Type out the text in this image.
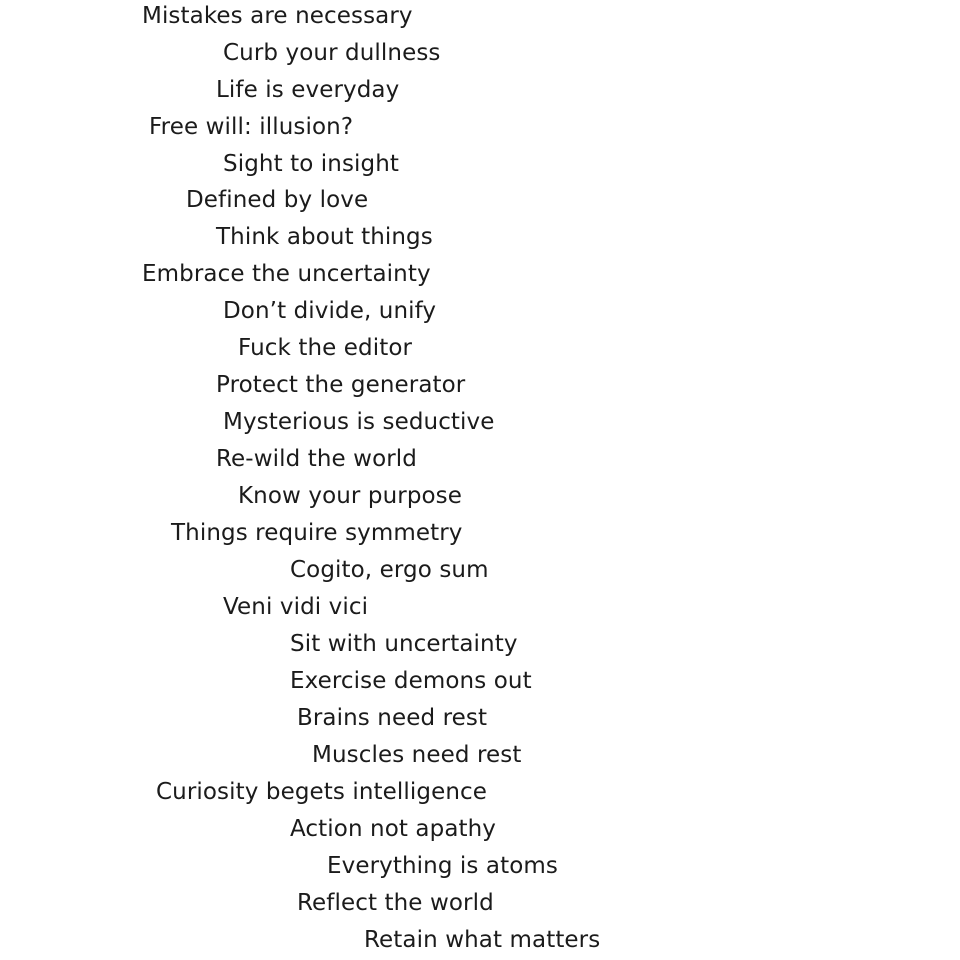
Mistakes are necessary

Curb your dullness

Life is everyday

Free will: illusion?

Sight to insight

Defined by love

Think about things

Embrace the uncertainty

Don’t divide, unify

Fuck the editor

Protect the generator

Mysterious is seductive

Re-wild the world

Know your purpose

Things require symmetry

Cogito, ergo sum

Veni vidi vici

Sit with uncertainty

Exercise demons out

Brains need rest

Muscles need rest

Curiosity begets intelligence

Action not apathy

Everything is atoms

Reflect the world

Retain what matters
